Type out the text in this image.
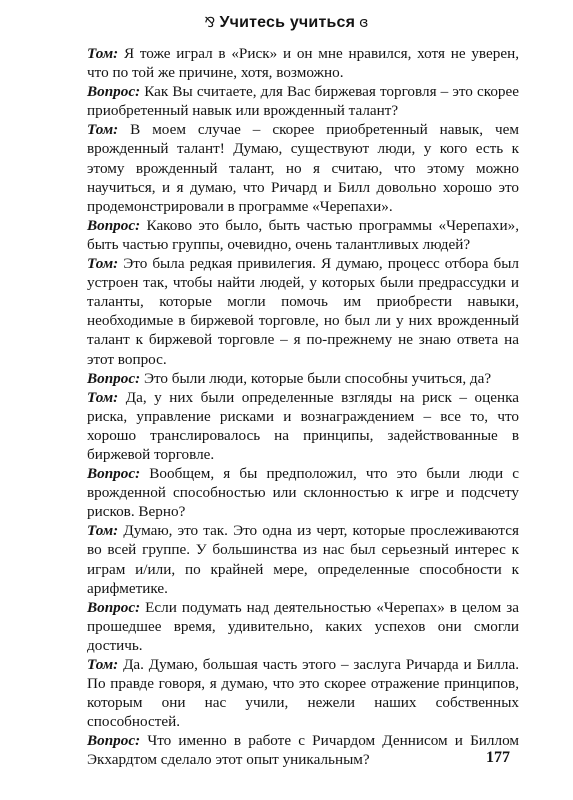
⅋ Учитесь учиться ɞ

Том: Я тоже играл в «Риск» и он мне нравился, хотя не уверен, что по той же причине, хотя, возможно.

Вопрос: Как Вы считаете, для Вас биржевая торговля – это скорее приобретенный навык или врожденный талант?

Том: В моем случае – скорее приобретенный навык, чем врожденный талант! Думаю, существуют люди, у кого есть к этому врожденный талант, но я считаю, что этому можно научиться, и я думаю, что Ричард и Билл довольно хорошо это продемонстрировали в программе «Черепахи».

Вопрос: Каково это было, быть частью программы «Черепахи», быть частью группы, очевидно, очень талантливых людей?

Том: Это была редкая привилегия. Я думаю, процесс отбора был устроен так, чтобы найти людей, у которых были предрассудки и таланты, которые могли помочь им приобрести навыки, необходимые в биржевой торговле, но был ли у них врожденный талант к биржевой торговле – я по-прежнему не знаю ответа на этот вопрос.

Вопрос: Это были люди, которые были способны учиться, да?

Том: Да, у них были определенные взгляды на риск – оценка риска, управление рисками и вознаграждением – все то, что хорошо транслировалось на принципы, задействованные в биржевой торговле.

Вопрос: Вообщем, я бы предположил, что это были люди с врожденной способностью или склонностью к игре и подсчету рисков. Верно?

Том: Думаю, это так. Это одна из черт, которые прослеживаются во всей группе. У большинства из нас был серьезный интерес к играм и/или, по крайней мере, определенные способности к арифметике.

Вопрос: Если подумать над деятельностью «Черепах» в целом за прошедшее время, удивительно, каких успехов они смогли достичь.

Том: Да. Думаю, большая часть этого – заслуга Ричарда и Билла. По правде говоря, я думаю, что это скорее отражение принципов, которым они нас учили, нежели наших собственных способностей.

Вопрос: Что именно в работе с Ричардом Деннисом и Биллом Экхардтом сделало этот опыт уникальным?	177
